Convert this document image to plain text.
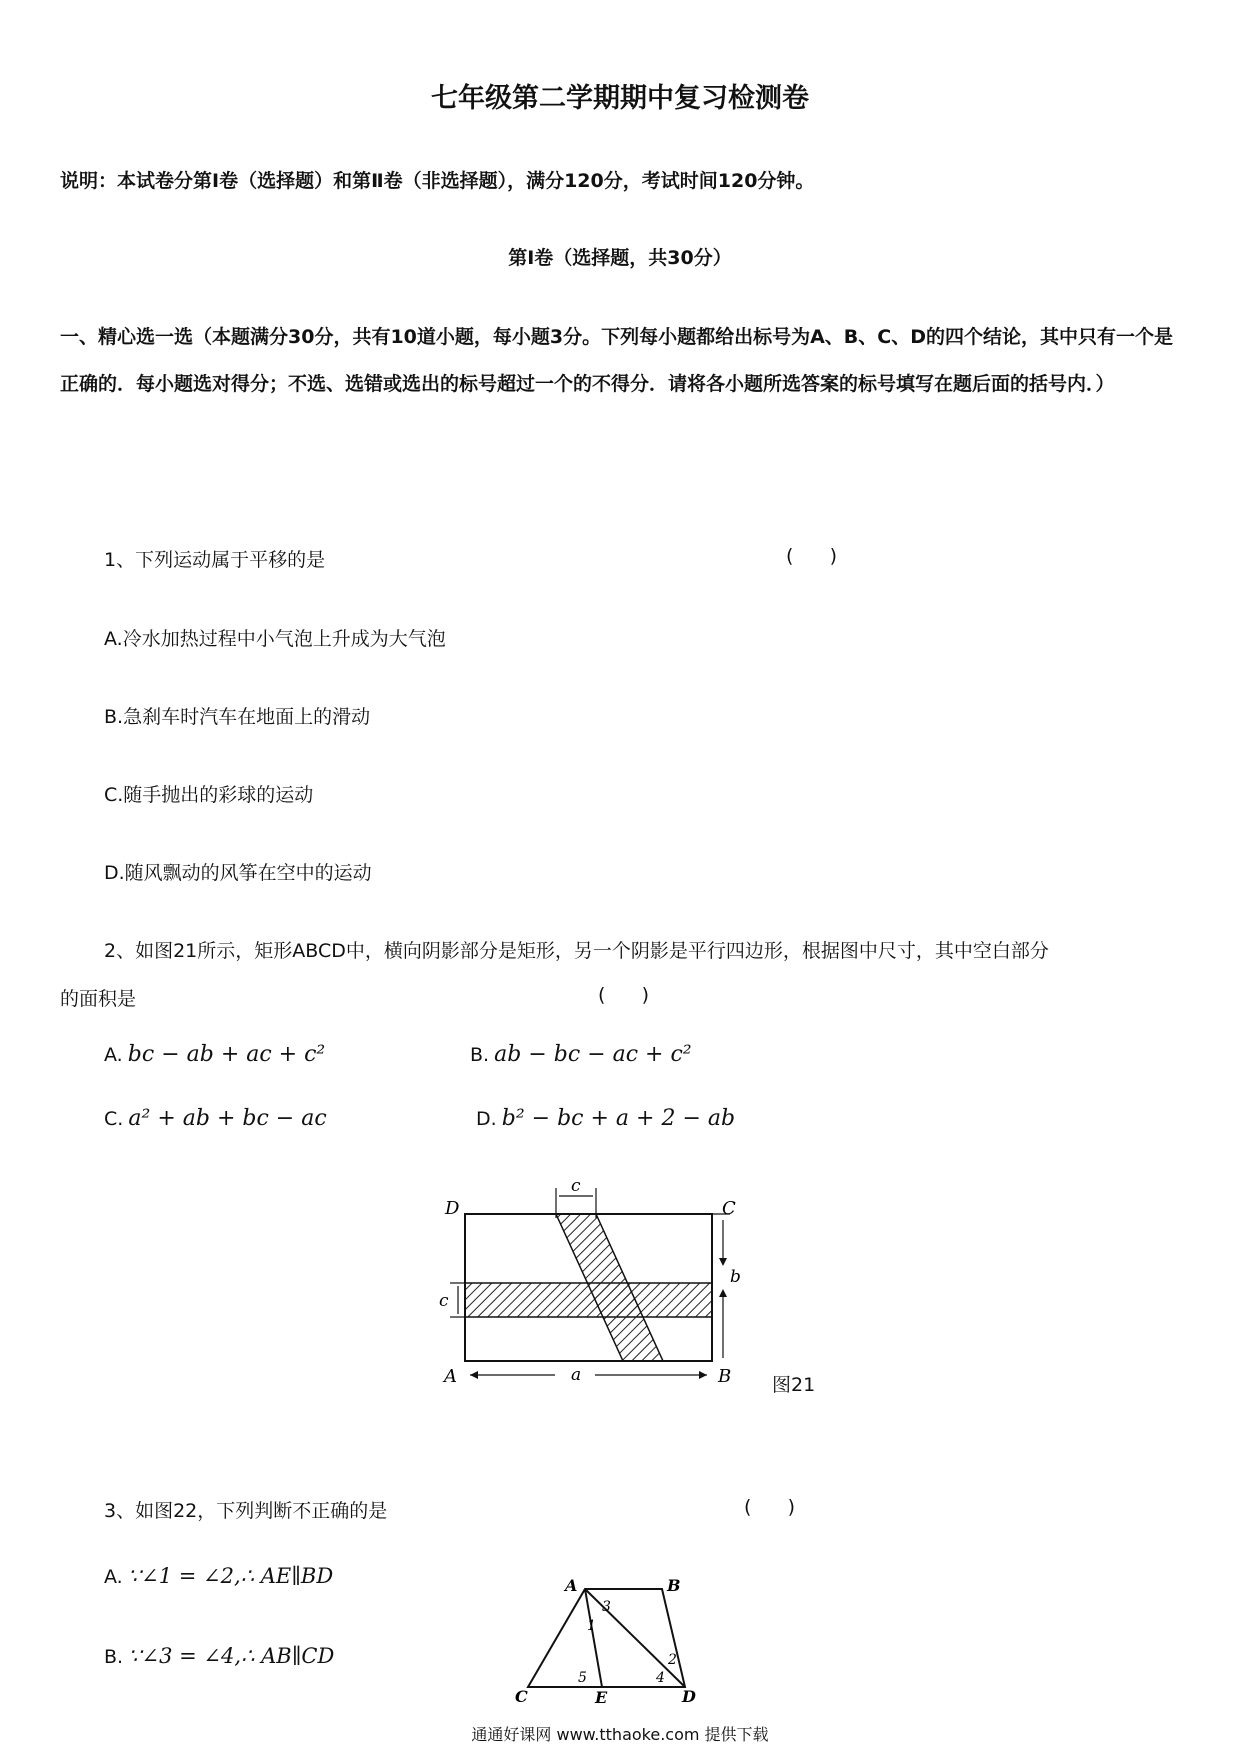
七年级第二学期期中复习检测卷
说明：本试卷分第Ⅰ卷（选择题）和第Ⅱ卷（非选择题），满分120分，考试时间120分钟。
第Ⅰ卷（选择题，共30分）
一、精心选一选（本题满分30分，共有10道小题，每小题3分。下列每小题都给出标号为A、B、C、D的四个结论，其中只有一个是正确的．每小题选对得分；不选、选错或选出的标号超过一个的不得分．请将各小题所选答案的标号填写在题后面的括号内．）
1、下列运动属于平移的是	(      )
A.冷水加热过程中小气泡上升成为大气泡
B.急刹车时汽车在地面上的滑动
C.随手抛出的彩球的运动
D.随风飘动的风筝在空中的运动
2、如图21所示，矩形ABCD中，横向阴影部分是矩形，另一个阴影是平行四边形，根据图中尺寸，其中空白部分
的面积是	(      )
A. bc − ab + ac + c²	B. ab − bc − ac + c²
C. a² + ab + bc − ac	D. b² − bc + a + 2 − ab
D	C
A	B
c
c
b
a	图21
3、如图22，下列判断不正确的是	(      )
A. ∵∠1 = ∠2,∴ AE∥BD
B. ∵∠3 = ∠4,∴ AB∥CD
A	B
C	E	D
1
2
3
4
5
通通好课网 www.tthaoke.com 提供下载
